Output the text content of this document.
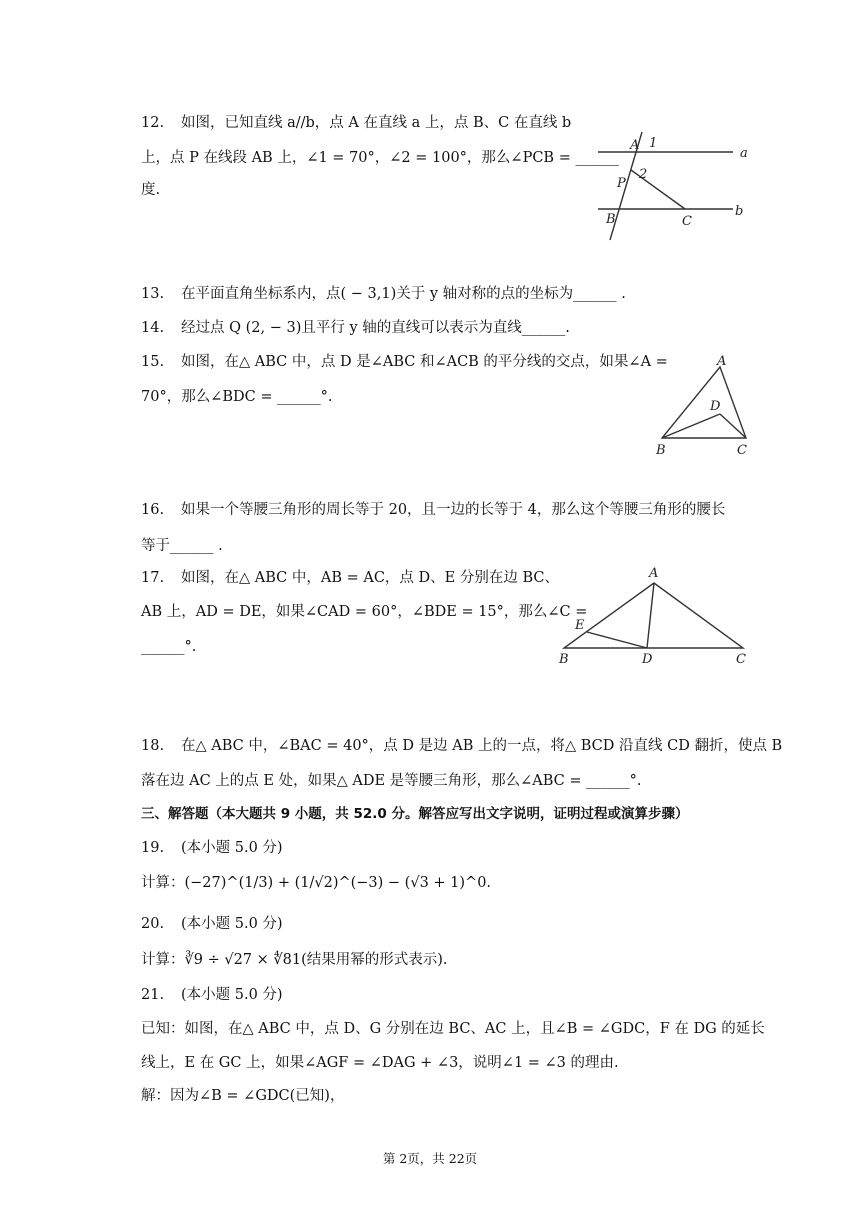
12. 如图，已知直线 a//b，点 A 在直线 a 上，点 B、C 在直线 b
上，点 P 在线段 AB 上，∠1 = 70°，∠2 = 100°，那么∠PCB = ______
度.
A 1
2
P
B	C
a
b
13. 在平面直角坐标系内，点( − 3,1)关于 y 轴对称的点的坐标为______ .
14. 经过点 Q (2, − 3)且平行 y 轴的直线可以表示为直线______.
15. 如图，在△ ABC 中，点 D 是∠ABC 和∠ACB 的平分线的交点，如果∠A =
70°，那么∠BDC = ______°.
A
D
B	C
16. 如果一个等腰三角形的周长等于 20，且一边的长等于 4，那么这个等腰三角形的腰长
等于______ .
17. 如图，在△ ABC 中，AB = AC，点 D、E 分别在边 BC、
AB 上，AD = DE，如果∠CAD = 60°，∠BDE = 15°，那么∠C =
______°.
A
E
B	D	C
18. 在△ ABC 中，∠BAC = 40°，点 D 是边 AB 上的一点，将△ BCD 沿直线 CD 翻折，使点 B
落在边 AC 上的点 E 处，如果△ ADE 是等腰三角形，那么∠ABC = ______°.
三、解答题（本大题共 9 小题，共 52.0 分。解答应写出文字说明，证明过程或演算步骤）
19. (本小题 5.0 分)
计算：(−27)^(1/3) + (1/√2)^(−3) − (√3 + 1)^0.
20. (本小题 5.0 分)
计算：∛9 ÷ √27 × ∜81(结果用幂的形式表示).
21. (本小题 5.0 分)
已知：如图，在△ ABC 中，点 D、G 分别在边 BC、AC 上，且∠B = ∠GDC，F 在 DG 的延长
线上，E 在 GC 上，如果∠AGF = ∠DAG + ∠3，说明∠1 = ∠3 的理由.
解：因为∠B = ∠GDC(已知)，
第 2页，共 22页
